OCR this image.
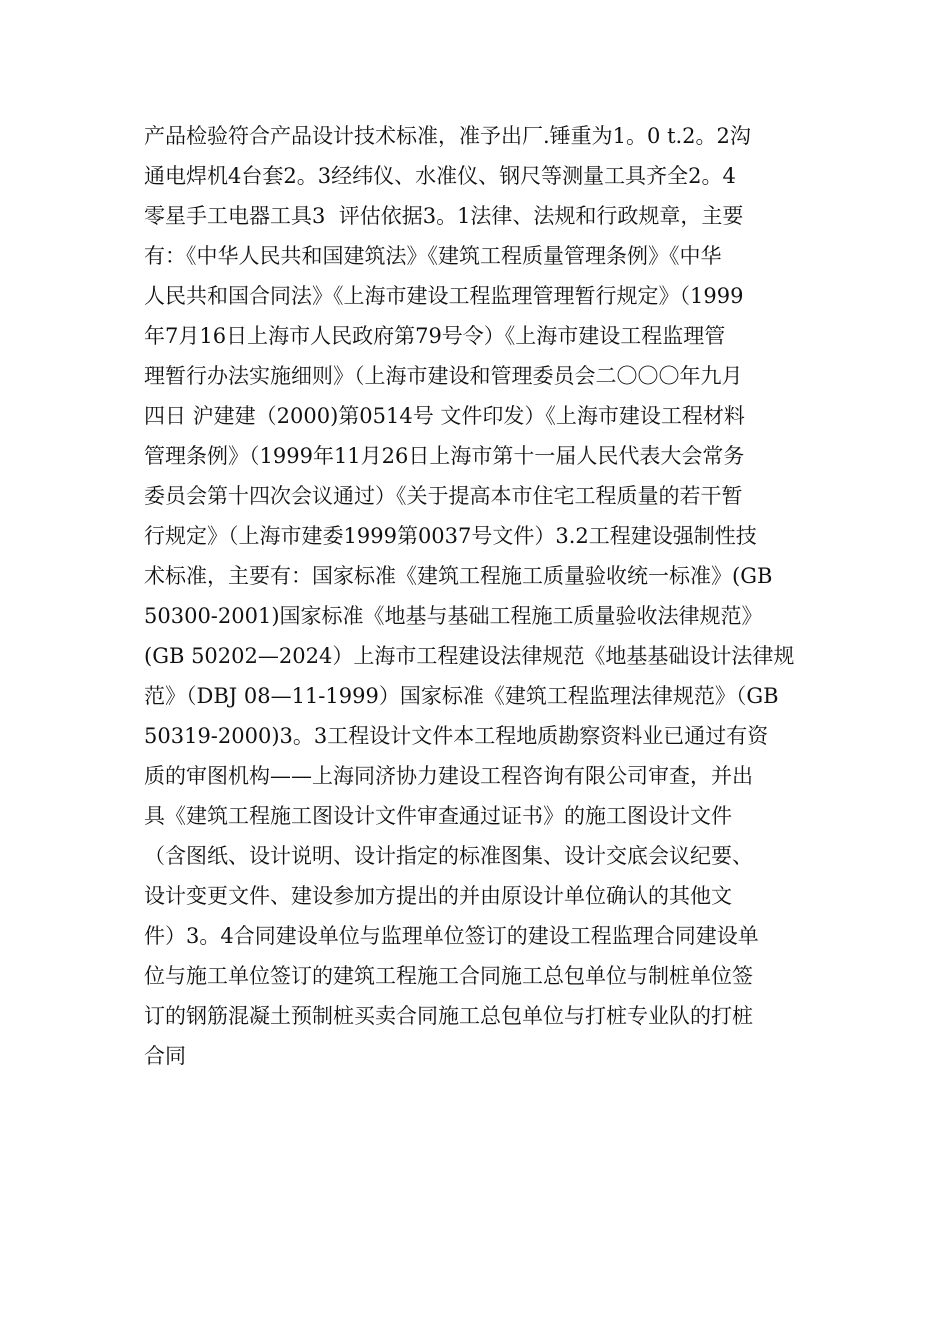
产品检验符合产品设计技术标准，准予出厂.锤重为1。0 t.2。2沟
通电焊机4台套2。3经纬仪、水准仪、钢尺等测量工具齐全2。4
零星手工电器工具3  评估依据3。1法律、法规和行政规章，主要
有：《中华人民共和国建筑法》《建筑工程质量管理条例》《中华
人民共和国合同法》《上海市建设工程监理管理暂行规定》（1999
年7月16日上海市人民政府第79号令）《上海市建设工程监理管
理暂行办法实施细则》（上海市建设和管理委员会二〇〇〇年九月
四日 沪建建（2000)第0514号 文件印发）《上海市建设工程材料
管理条例》（1999年11月26日上海市第十一届人民代表大会常务
委员会第十四次会议通过）《关于提高本市住宅工程质量的若干暂
行规定》（上海市建委1999第0037号文件）3.2工程建设强制性技
术标准，主要有：国家标准《建筑工程施工质量验收统一标准》(GB
50300-2001)国家标准《地基与基础工程施工质量验收法律规范》
(GB 50202—2024）上海市工程建设法律规范《地基基础设计法律规
范》（DBJ 08—11-1999）国家标准《建筑工程监理法律规范》（GB
50319-2000)3。3工程设计文件本工程地质勘察资料业已通过有资
质的审图机构——上海同济协力建设工程咨询有限公司审查，并出
具《建筑工程施工图设计文件审查通过证书》的施工图设计文件
（含图纸、设计说明、设计指定的标准图集、设计交底会议纪要、
设计变更文件、建设参加方提出的并由原设计单位确认的其他文
件）3。4合同建设单位与监理单位签订的建设工程监理合同建设单
位与施工单位签订的建筑工程施工合同施工总包单位与制桩单位签
订的钢筋混凝土预制桩买卖合同施工总包单位与打桩专业队的打桩
合同
